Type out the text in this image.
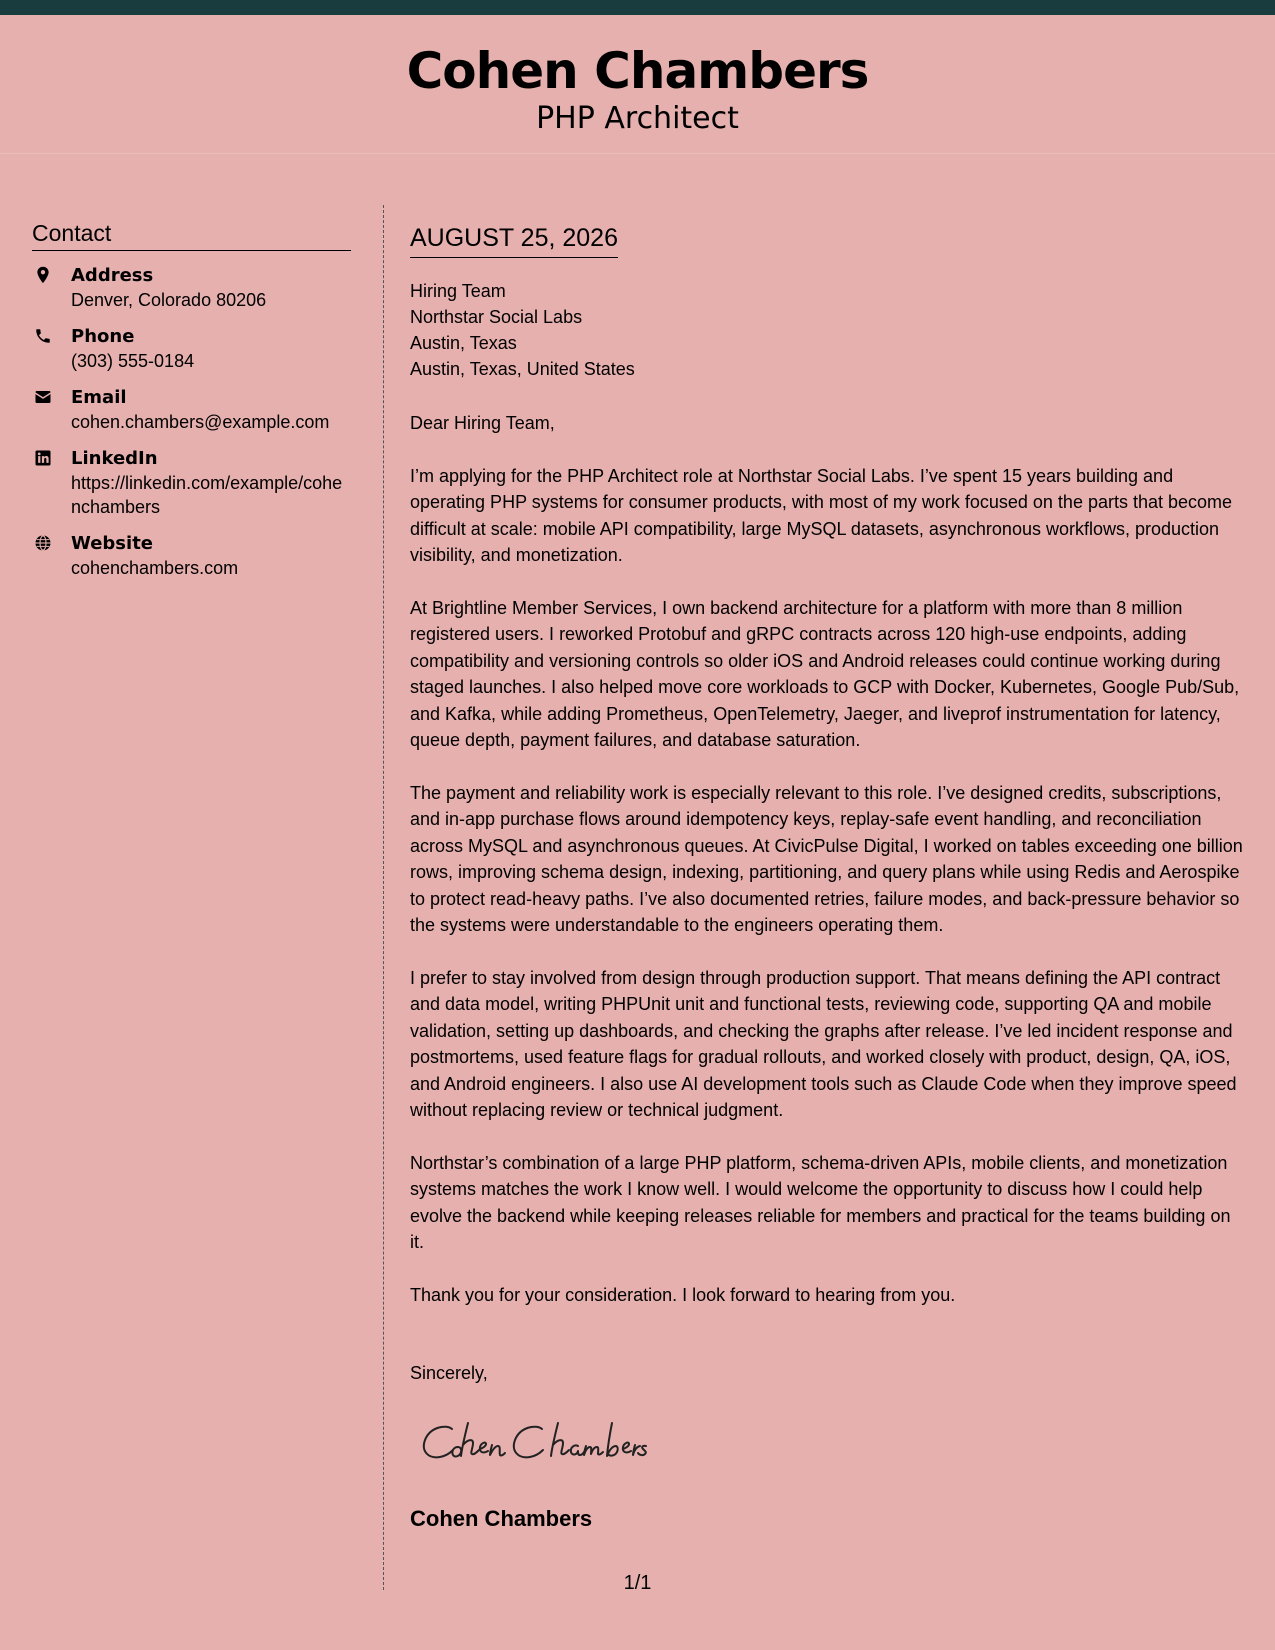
Cohen Chambers
PHP Architect
Contact
Address
Denver, Colorado 80206
Phone
(303) 555-0184
Email
cohen.chambers@example.com
LinkedIn
https://linkedin.com/example/cohenchambers
Website
cohenchambers.com
AUGUST 25, 2026
Hiring Team
Northstar Social Labs
Austin, Texas
Austin, Texas, United States
Dear Hiring Team,
I’m applying for the PHP Architect role at Northstar Social Labs. I’ve spent 15 years building and operating PHP systems for consumer products, with most of my work focused on the parts that become difficult at scale: mobile API compatibility, large MySQL datasets, asynchronous workflows, production visibility, and monetization.
At Brightline Member Services, I own backend architecture for a platform with more than 8 million registered users. I reworked Protobuf and gRPC contracts across 120 high-use endpoints, adding compatibility and versioning controls so older iOS and Android releases could continue working during staged launches. I also helped move core workloads to GCP with Docker, Kubernetes, Google Pub/Sub, and Kafka, while adding Prometheus, OpenTelemetry, Jaeger, and liveprof instrumentation for latency, queue depth, payment failures, and database saturation.
The payment and reliability work is especially relevant to this role. I’ve designed credits, subscriptions, and in-app purchase flows around idempotency keys, replay-safe event handling, and reconciliation across MySQL and asynchronous queues. At CivicPulse Digital, I worked on tables exceeding one billion rows, improving schema design, indexing, partitioning, and query plans while using Redis and Aerospike to protect read-heavy paths. I’ve also documented retries, failure modes, and back-pressure behavior so the systems were understandable to the engineers operating them.
I prefer to stay involved from design through production support. That means defining the API contract and data model, writing PHPUnit unit and functional tests, reviewing code, supporting QA and mobile validation, setting up dashboards, and checking the graphs after release. I’ve led incident response and postmortems, used feature flags for gradual rollouts, and worked closely with product, design, QA, iOS, and Android engineers. I also use AI development tools such as Claude Code when they improve speed without replacing review or technical judgment.
Northstar’s combination of a large PHP platform, schema-driven APIs, mobile clients, and monetization systems matches the work I know well. I would welcome the opportunity to discuss how I could help evolve the backend while keeping releases reliable for members and practical for the teams building on it.
Thank you for your consideration. I look forward to hearing from you.
Sincerely,
Cohen Chambers
1/1
